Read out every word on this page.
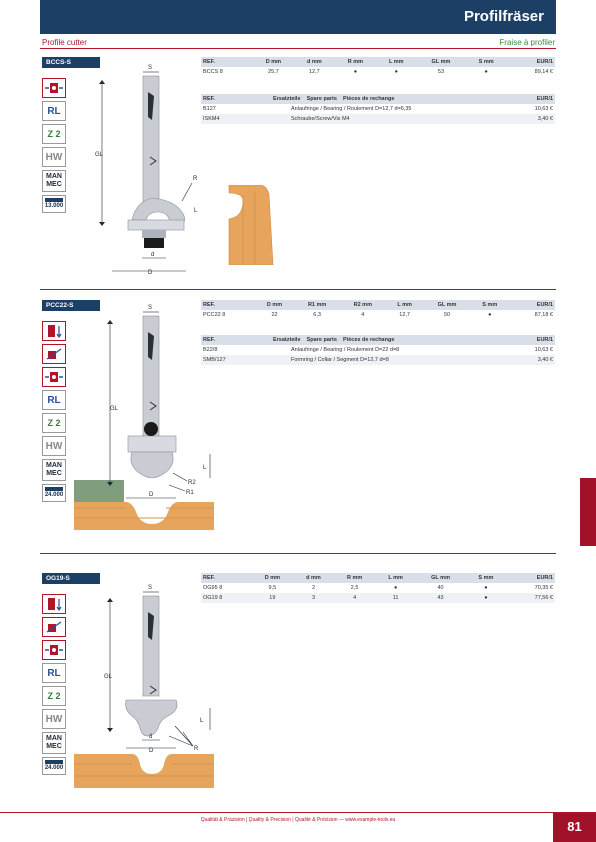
Profilfräser
Profile cutter	Fraise à profiler
BCCS-S
RL
Z 2
HW
MAN
MEC
13.000
GL
S
R
L
d
D
REF.	D mm	d mm	R mm	L mm	GL mm	S mm	EUR/1
BCCS 8	25,7	12,7	●	●	53	●	89,14 €
REF.	Ersatzteile Spare parts Pièces de rechange	EUR/1
B127	Anlaufringe / Bearing / Roulement D=12,7 d=6,35	10,63 €
ISKM4	Schraube/Screw/Vis M4	3,40 €
PCC22-S
RL
Z 2
HW
MAN
MEC
24.000
GL
S
L
R2
R1
D
REF.	D mm	R1 mm	R2 mm	L mm	GL mm	S mm	EUR/1
PCC22 8	22	6,3	4	12,7	50	●	87,18 €
REF.	Ersatzteile Spare parts Pièces de rechange	EUR/1
B22/8	Anlaufringe / Bearing / Roulement D=22 d=8	10,63 €
SMB/127	Formring / Collar / Segment D=12,7 d=8	3,40 €
OG19-S
RL
Z 2
HW
MAN
MEC
24.000
GL
S
L
R
d
D
REF.	D mm	d mm	R mm	L mm	GL mm	S mm	EUR/1
OG95 8	9,5	2	2,5	●	40	●	70,35 €
OG19 8	19	3	4	11	43	●	77,56 €
Qualität & Präzision | Quality & Precision | Qualité & Précision — www.example-tools.eu	81
